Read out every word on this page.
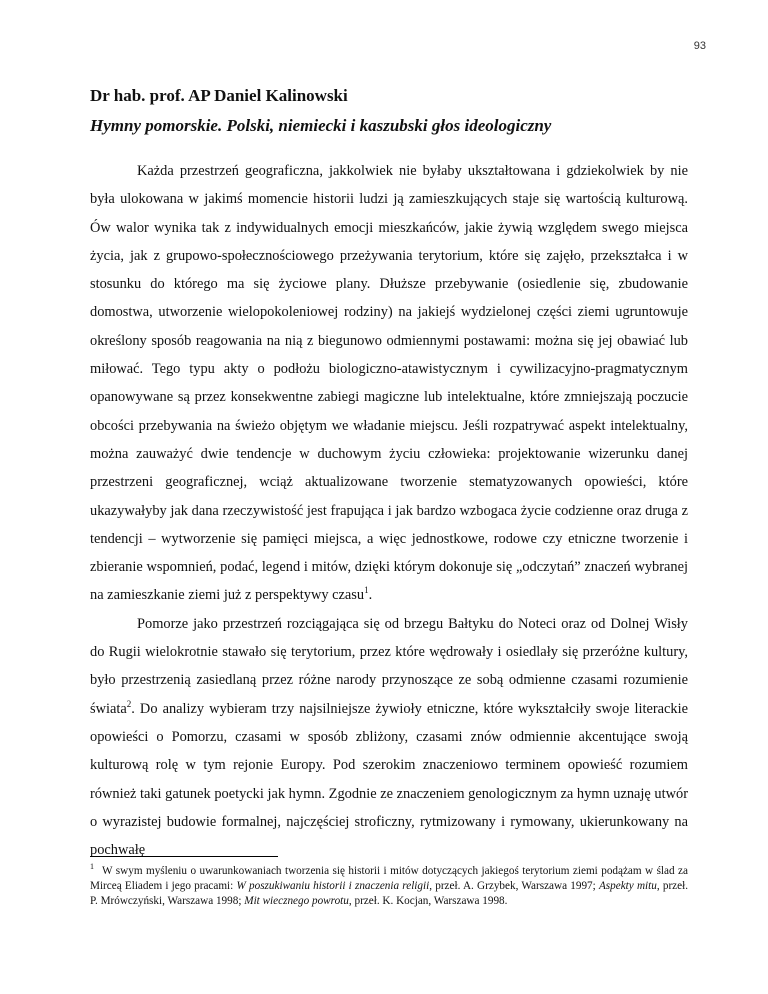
93
Dr hab. prof. AP Daniel Kalinowski
Hymny pomorskie. Polski, niemiecki i kaszubski głos ideologiczny

Każda przestrzeń geograficzna, jakkolwiek nie byłaby ukształtowana i gdziekolwiek by nie była ulokowana w jakimś momencie historii ludzi ją zamieszkujących staje się wartością kulturową. Ów walor wynika tak z indywidualnych emocji mieszkańców, jakie żywią względem swego miejsca życia, jak z grupowo-społecznościowego przeżywania terytorium, które się zajęło, przekształca i w stosunku do którego ma się życiowe plany. Dłuższe przebywanie (osiedlenie się, zbudowanie domostwa, utworzenie wielopokoleniowej rodziny) na jakiejś wydzielonej części ziemi ugruntowuje określony sposób reagowania na nią z biegunowo odmiennymi postawami: można się jej obawiać lub miłować. Tego typu akty o podłożu biologiczno-atawistycznym i cywilizacyjno-pragmatycznym opanowywane są przez konsekwentne zabiegi magiczne lub intelektualne, które zmniejszają poczucie obcości przebywania na świeżo objętym we władanie miejscu. Jeśli rozpatrywać aspekt intelektualny, można zauważyć dwie tendencje w duchowym życiu człowieka: projektowanie wizerunku danej przestrzeni geograficznej, wciąż aktualizowane tworzenie stematyzowanych opowieści, które ukazywałyby jak dana rzeczywistość jest frapująca i jak bardzo wzbogaca życie codzienne oraz druga z tendencji – wytworzenie się pamięci miejsca, a więc jednostkowe, rodowe czy etniczne tworzenie i zbieranie wspomnień, podać, legend i mitów, dzięki którym dokonuje się „odczytań” znaczeń wybranej na zamieszkanie ziemi już z perspektywy czasu$^1$.

Pomorze jako przestrzeń rozciągająca się od brzegu Bałtyku do Noteci oraz od Dolnej Wisły do Rugii wielokrotnie stawało się terytorium, przez które wędrowały i osiedlały się przeróżne kultury, było przestrzenią zasiedlaną przez różne narody przynoszące ze sobą odmienne czasami rozumienie świata$^2$. Do analizy wybieram trzy najsilniejsze żywioły etniczne, które wykształciły swoje literackie opowieści o Pomorzu, czasami w sposób zbliżony, czasami znów odmiennie akcentujące swoją kulturową rolę w tym rejonie Europy. Pod szerokim znaczeniowo terminem opowieść rozumiem również taki gatunek poetycki jak hymn. Zgodnie ze znaczeniem genologicznym za hymn uznaję utwór o wyrazistej budowie formalnej, najczęściej stroficzny, rytmizowany i rymowany, ukierunkowany na pochwałę

$^1$ W swym myśleniu o uwarunkowaniach tworzenia się historii i mitów dotyczących jakiegoś terytorium ziemi podążam w ślad za Mirceą Eliadem i jego pracami: W poszukiwaniu historii i znaczenia religii, przeł. A. Grzybek, Warszawa 1997; Aspekty mitu, przeł. P. Mrówczyński, Warszawa 1998; Mit wiecznego powrotu, przeł. K. Kocjan, Warszawa 1998.
